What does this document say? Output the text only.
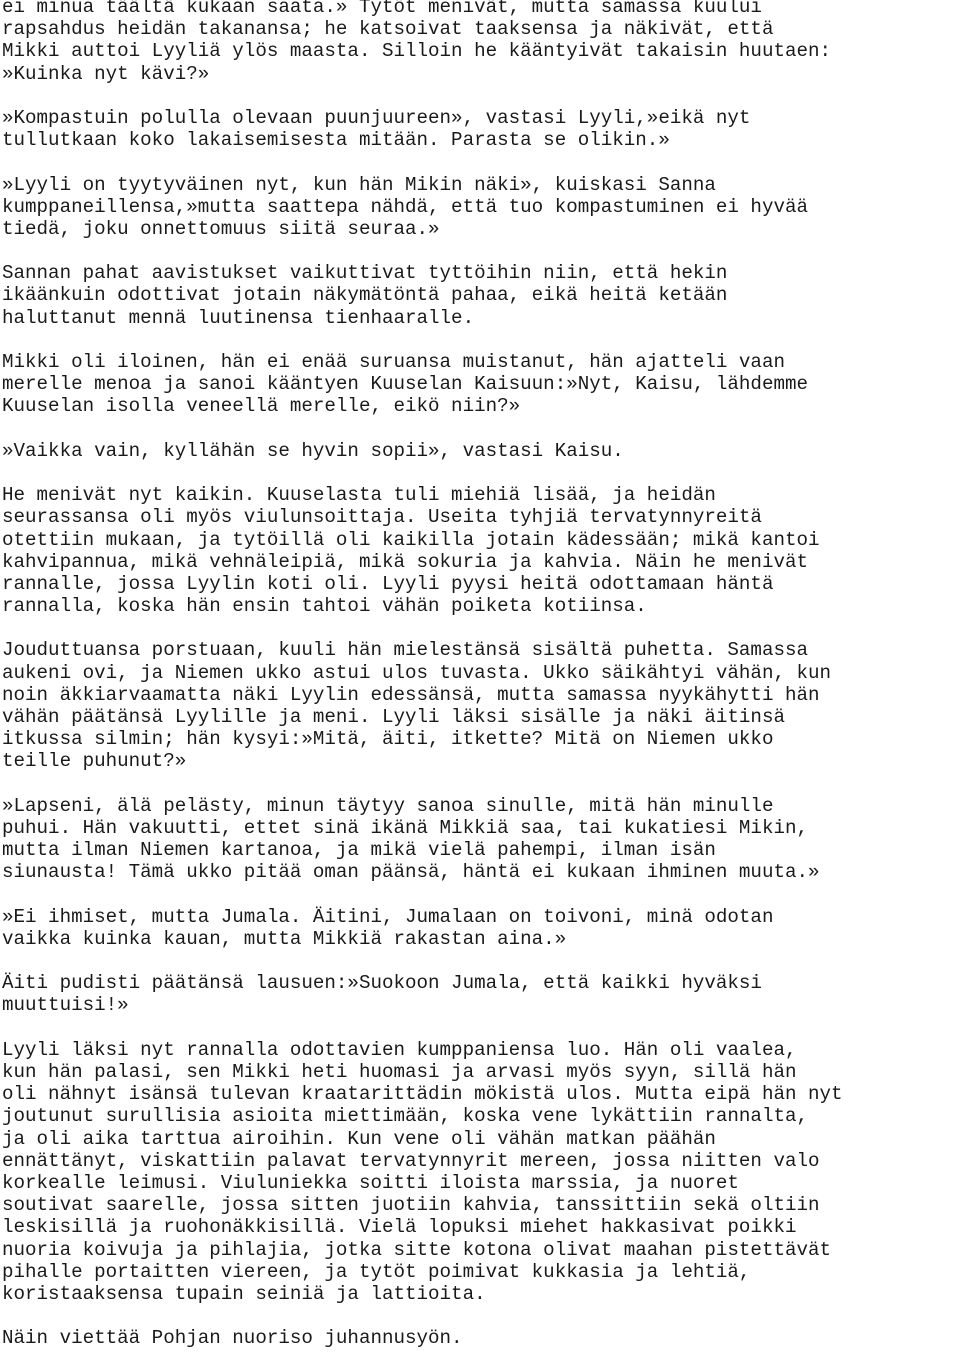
ei minua täältä kukaan saata.» Tytöt menivät, mutta samassa kuului
rapsahdus heidän takanansa; he katsoivat taaksensa ja näkivät, että
Mikki auttoi Lyyliä ylös maasta. Silloin he kääntyivät takaisin huutaen:
»Kuinka nyt kävi?»

»Kompastuin polulla olevaan puunjuureen», vastasi Lyyli,»eikä nyt
tullutkaan koko lakaisemisesta mitään. Parasta se olikin.»

»Lyyli on tyytyväinen nyt, kun hän Mikin näki», kuiskasi Sanna
kumppaneillensa,»mutta saattepa nähdä, että tuo kompastuminen ei hyvää
tiedä, joku onnettomuus siitä seuraa.»

Sannan pahat aavistukset vaikuttivat tyttöihin niin, että hekin
ikäänkuin odottivat jotain näkymätöntä pahaa, eikä heitä ketään
haluttanut mennä luutinensa tienhaaralle.

Mikki oli iloinen, hän ei enää suruansa muistanut, hän ajatteli vaan
merelle menoa ja sanoi kääntyen Kuuselan Kaisuun:»Nyt, Kaisu, lähdemme
Kuuselan isolla veneellä merelle, eikö niin?»

»Vaikka vain, kyllähän se hyvin sopii», vastasi Kaisu.

He menivät nyt kaikin. Kuuselasta tuli miehiä lisää, ja heidän
seurassansa oli myös viulunsoittaja. Useita tyhjiä tervatynnyreitä
otettiin mukaan, ja tytöillä oli kaikilla jotain kädessään; mikä kantoi
kahvipannua, mikä vehnäleipiä, mikä sokuria ja kahvia. Näin he menivät
rannalle, jossa Lyylin koti oli. Lyyli pyysi heitä odottamaan häntä
rannalla, koska hän ensin tahtoi vähän poiketa kotiinsa.

Jouduttuansa porstuaan, kuuli hän mielestänsä sisältä puhetta. Samassa
aukeni ovi, ja Niemen ukko astui ulos tuvasta. Ukko säikähtyi vähän, kun
noin äkkiarvaamatta näki Lyylin edessänsä, mutta samassa nyykähytti hän
vähän päätänsä Lyylille ja meni. Lyyli läksi sisälle ja näki äitinsä
itkussa silmin; hän kysyi:»Mitä, äiti, itkette? Mitä on Niemen ukko
teille puhunut?»

»Lapseni, älä pelästy, minun täytyy sanoa sinulle, mitä hän minulle
puhui. Hän vakuutti, ettet sinä ikänä Mikkiä saa, tai kukatiesi Mikin,
mutta ilman Niemen kartanoa, ja mikä vielä pahempi, ilman isän
siunausta! Tämä ukko pitää oman päänsä, häntä ei kukaan ihminen muuta.»

»Ei ihmiset, mutta Jumala. Äitini, Jumalaan on toivoni, minä odotan
vaikka kuinka kauan, mutta Mikkiä rakastan aina.»

Äiti pudisti päätänsä lausuen:»Suokoon Jumala, että kaikki hyväksi
muuttuisi!»

Lyyli läksi nyt rannalla odottavien kumppaniensa luo. Hän oli vaalea,
kun hän palasi, sen Mikki heti huomasi ja arvasi myös syyn, sillä hän
oli nähnyt isänsä tulevan kraatarittädin mökistä ulos. Mutta eipä hän nyt
joutunut surullisia asioita miettimään, koska vene lykättiin rannalta,
ja oli aika tarttua airoihin. Kun vene oli vähän matkan päähän
ennättänyt, viskattiin palavat tervatynnyrit mereen, jossa niitten valo
korkealle leimusi. Viuluniekka soitti iloista marssia, ja nuoret
soutivat saarelle, jossa sitten juotiin kahvia, tanssittiin sekä oltiin
leskisillä ja ruohonäkkisillä. Vielä lopuksi miehet hakkasivat poikki
nuoria koivuja ja pihlajia, jotka sitte kotona olivat maahan pistettävät
pihalle portaitten viereen, ja tytöt poimivat kukkasia ja lehtiä,
koristaaksensa tupain seiniä ja lattioita.

Näin viettää Pohjan nuoriso juhannusyön.
